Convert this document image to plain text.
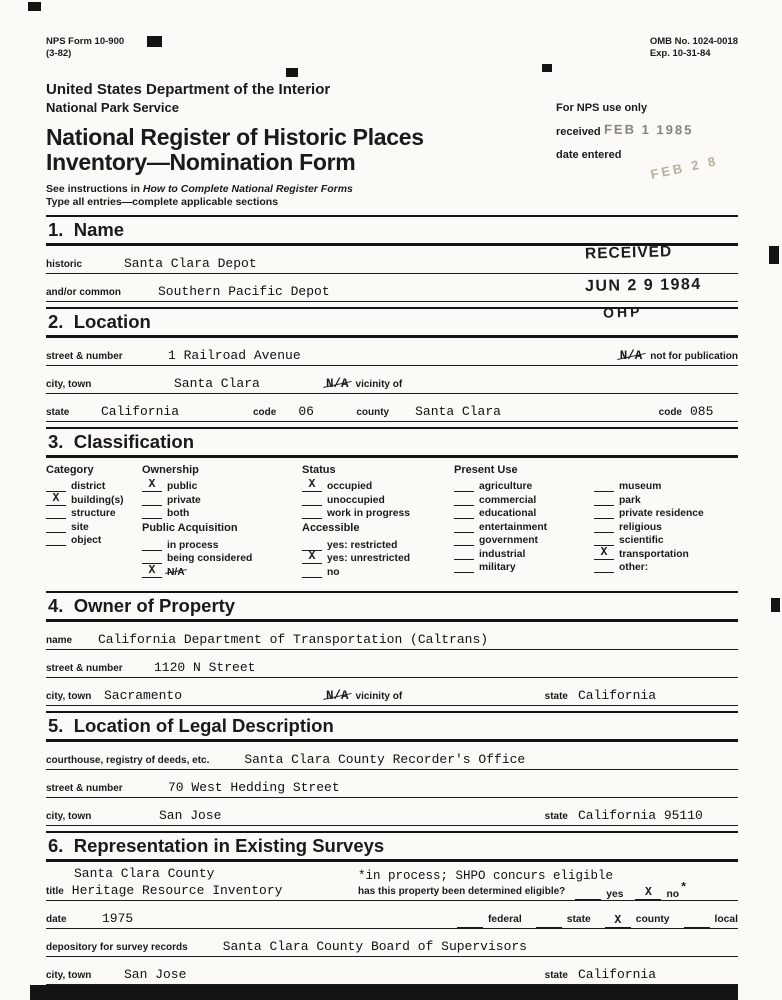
For NPS use only
received
date entered
FEB 1 1985
FEB 2 8
RECEIVED
JUN 2 9 1984
OHP
NPS Form 10-900
(3-82)
OMB No. 1024-0018
Exp. 10-31-84
United States Department of the Interior
National Park Service
National Register of Historic Places
Inventory—Nomination Form
See instructions in How to Complete National Register Forms
Type all entries—complete applicable sections
1.  Name
historic	Santa Clara Depot
and/or common	Southern Pacific Depot
2.  Location
street & number	1 Railroad Avenue	N/A not for publication
city, town	Santa Clara	N/A vicinity of
state	California	code 06	county Santa Clara	code 085
3.  Classification
Category
district
X	building(s)
structure
site
object
Ownership
X	public
private
both
Public Acquisition
in process
being considered
X	N/A
Status
X	occupied
unoccupied
work in progress
Accessible
yes: restricted
X	yes: unrestricted
no
Present Use
agriculture
commercial
educational
entertainment
government
industrial
military
museum
park
private residence
religious
scientific
X	transportation
other:
4.  Owner of Property
name	California Department of Transportation (Caltrans)
street & number	1120 N Street
city, town Sacramento	N/A vicinity of	state California
5.  Location of Legal Description
courthouse, registry of deeds, etc.	Santa Clara County Recorder's Office
street & number	70 West Hedding Street
city, town	San Jose	state California 95110
6.  Representation in Existing Surveys
Santa Clara County
title Heritage Resource Inventory
*in process; SHPO concurs eligible
has this property been determined eligible?	yes	X	no *
date	1975	federal	state	X	county	local
depository for survey records	Santa Clara County Board of Supervisors
city, town	San Jose	state California
